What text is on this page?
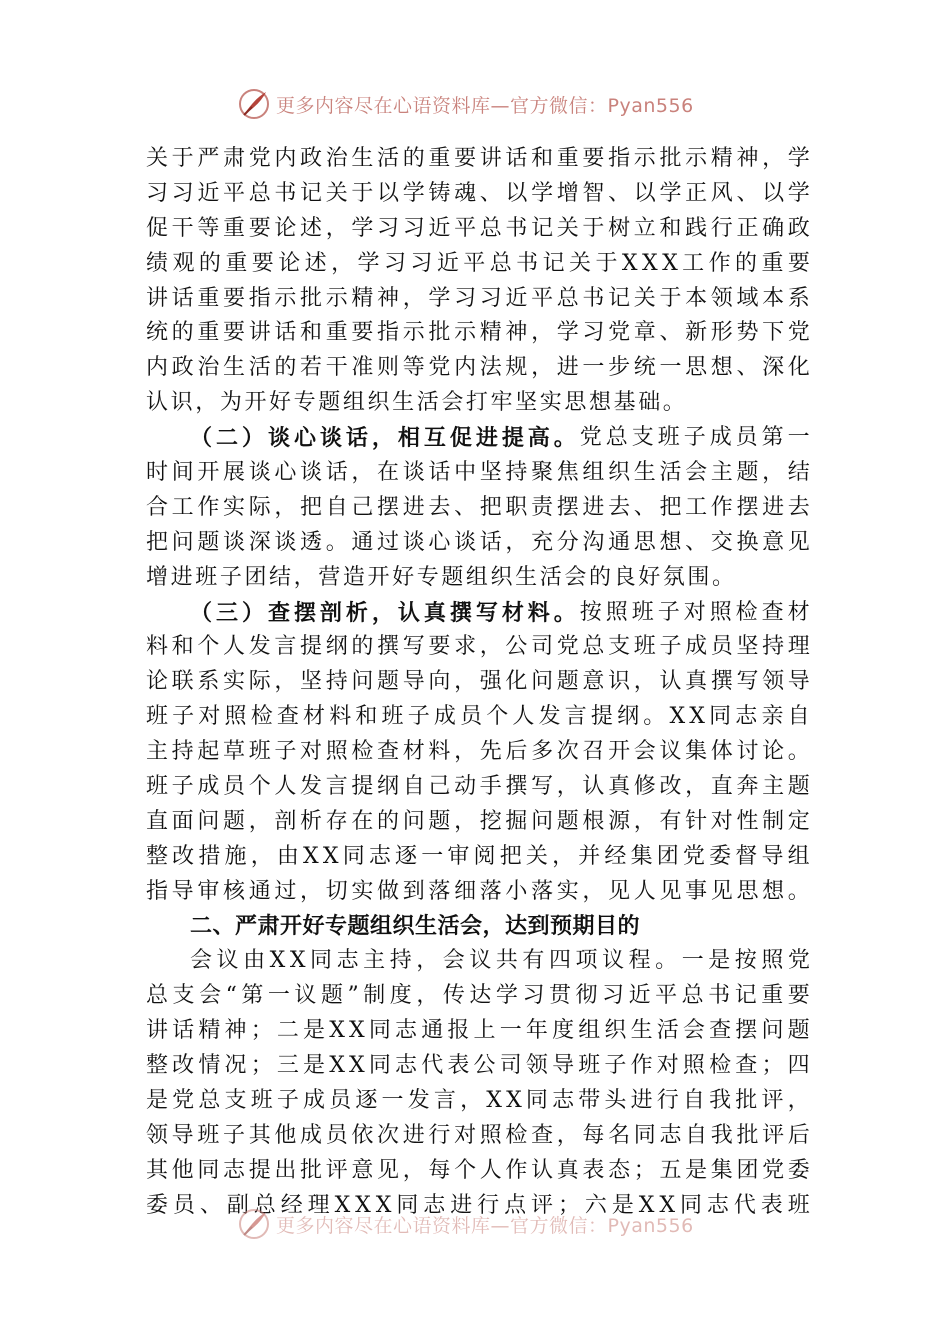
更多内容尽在心语资料库—官方微信：Pyan556
关 于 严 肃 党 内 政 治 生 活 的 重 要 讲 话 和 重 要 指 示 批 示 精 神 ， 学
习 习 近 平 总 书 记 关 于 以 学 铸 魂 、 以 学 增 智 、 以 学 正 风 、 以 学
促 干 等 重 要 论 述 ， 学 习 习 近 平 总 书 记 关 于 树 立 和 践 行 正 确 政
绩 观 的 重 要 论 述 ， 学 习 习 近 平 总 书 记 关 于 X X X 工 作 的 重 要
讲 话 重 要 指 示 批 示 精 神 ， 学 习 习 近 平 总 书 记 关 于 本 领 域 本 系
统 的 重 要 讲 话 和 重 要 指 示 批 示 精 神 ， 学 习 党 章 、 新 形 势 下 党
内 政 治 生 活 的 若 干 准 则 等 党 内 法 规 ， 进 一 步 统 一 思 想 、 深 化
认 识 ， 为 开 好 专 题 组 织 生 活 会 打 牢 坚 实 思 想 基 础 。
（ 二 ） 谈 心 谈 话 ， 相 互 促 进 提 高 。 党 总 支 班 子 成 员 第 一
时 间 开 展 谈 心 谈 话 ， 在 谈 话 中 坚 持 聚 焦 组 织 生 活 会 主 题 ， 结
合 工 作 实 际 ， 把 自 己 摆 进 去 、 把 职 责 摆 进 去 、 把 工 作 摆 进 去
把 问 题 谈 深 谈 透 。 通 过 谈 心 谈 话 ， 充 分 沟 通 思 想 、 交 换 意 见
增 进 班 子 团 结 ， 营 造 开 好 专 题 组 织 生 活 会 的 良 好 氛 围 。
（ 三 ） 查 摆 剖 析 ， 认 真 撰 写 材 料 。 按 照 班 子 对 照 检 查 材
料 和 个 人 发 言 提 纲 的 撰 写 要 求 ， 公 司 党 总 支 班 子 成 员 坚 持 理
论 联 系 实 际 ， 坚 持 问 题 导 向 ， 强 化 问 题 意 识 ， 认 真 撰 写 领 导
班 子 对 照 检 查 材 料 和 班 子 成 员 个 人 发 言 提 纲 。 X X 同 志 亲 自
主 持 起 草 班 子 对 照 检 查 材 料 ， 先 后 多 次 召 开 会 议 集 体 讨 论 。
班 子 成 员 个 人 发 言 提 纲 自 己 动 手 撰 写 ， 认 真 修 改 ， 直 奔 主 题
直 面 问 题 ， 剖 析 存 在 的 问 题 ， 挖 掘 问 题 根 源 ， 有 针 对 性 制 定
整 改 措 施 ， 由 X X 同 志 逐 一 审 阅 把 关 ， 并 经 集 团 党 委 督 导 组
指 导 审 核 通 过 ， 切 实 做 到 落 细 落 小 落 实 ， 见 人 见 事 见 思 想 。
二、严肃开好专题组织生活会，达到预期目的
会 议 由 X X 同 志 主 持 ， 会 议 共 有 四 项 议 程 。 一 是 按 照 党
总 支 会 “ 第 一 议 题 ” 制 度 ， 传 达 学 习 贯 彻 习 近 平 总 书 记 重 要
讲 话 精 神 ； 二 是 X X 同 志 通 报 上 一 年 度 组 织 生 活 会 查 摆 问 题
整 改 情 况 ； 三 是 X X 同 志 代 表 公 司 领 导 班 子 作 对 照 检 查 ； 四
是 党 总 支 班 子 成 员 逐 一 发 言 ， X X 同 志 带 头 进 行 自 我 批 评 ，
领 导 班 子 其 他 成 员 依 次 进 行 对 照 检 查 ， 每 名 同 志 自 我 批 评 后
其 他 同 志 提 出 批 评 意 见 ， 每 个 人 作 认 真 表 态 ； 五 是 集 团 党 委
委 员 、 副 总 经 理 X X X 同 志 进 行 点 评 ； 六 是 X X 同 志 代 表 班
更多内容尽在心语资料库—官方微信：Pyan556
